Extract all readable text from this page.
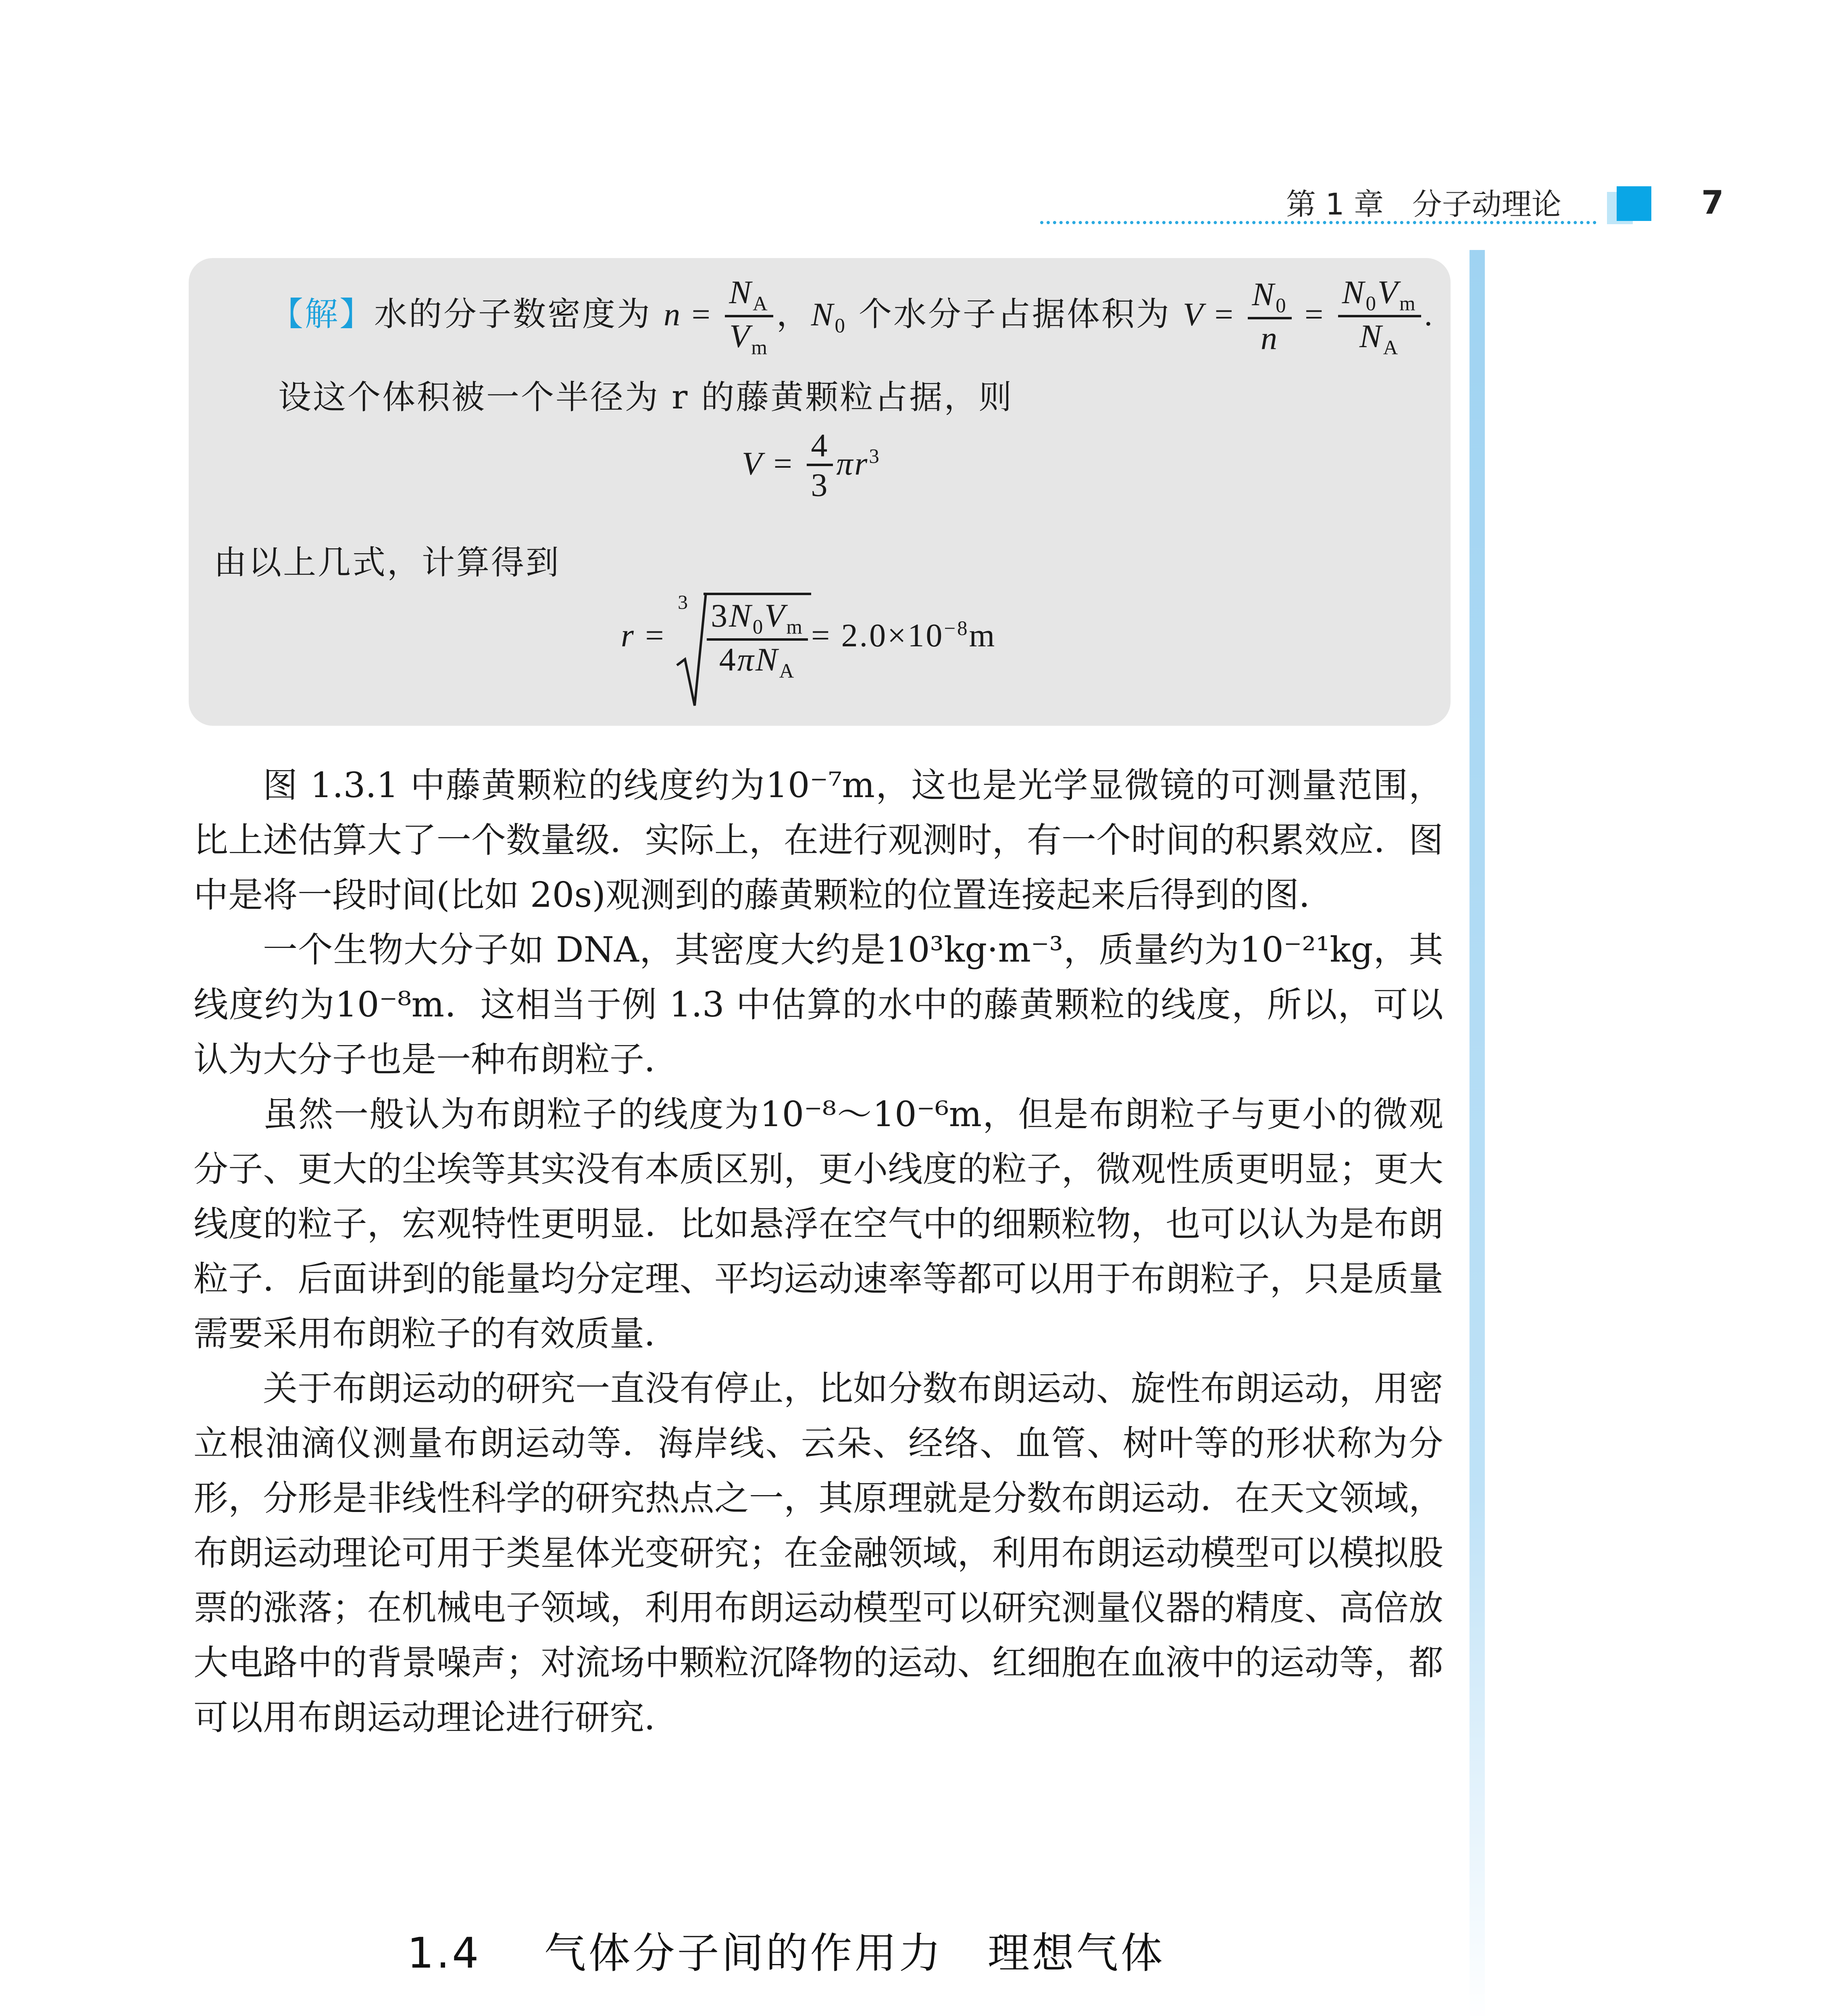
第 1 章 分子动理论	7
【解】水的分子数密度为 $n = \frac{N_A}{V_m}$ ，$N_0$ 个水分子占据体积为 $V = \frac{N_0}{n} = \frac{N_0V_m}{N_A}$ .
设这个体积被一个半径为 r 的藤黄颗粒占据，则
$V = \frac{4}{3} \pi r^3$
由以上几式，计算得到
r =
$3 \frac{3N_0V_m}{4\pi N_A} = 2.0\times 10^{-8}m$

图 1.3.1 中藤黄颗粒的线度约为10⁻⁷m，这也是光学显微镜的可测量范围，比上述估算大了一个数量级．实际上，在进行观测时，有一个时间的积累效应．图中是将一段时间(比如 20s)观测到的藤黄颗粒的位置连接起来后得到的图．

一个生物大分子如 DNA，其密度大约是10³kg·m⁻³，质量约为10⁻²¹kg，其线度约为10⁻⁸m．这相当于例 1.3 中估算的水中的藤黄颗粒的线度，所以，可以认为大分子也是一种布朗粒子．

虽然一般认为布朗粒子的线度为10⁻⁸～10⁻⁶m，但是布朗粒子与更小的微观分子、更大的尘埃等其实没有本质区别，更小线度的粒子，微观性质更明显；更大线度的粒子，宏观特性更明显．比如悬浮在空气中的细颗粒物，也可以认为是布朗粒子．后面讲到的能量均分定理、平均运动速率等都可以用于布朗粒子，只是质量需要采用布朗粒子的有效质量．

关于布朗运动的研究一直没有停止，比如分数布朗运动、旋性布朗运动，用密立根油滴仪测量布朗运动等．海岸线、云朵、经络、血管、树叶等的形状称为分形，分形是非线性科学的研究热点之一，其原理就是分数布朗运动．在天文领域，布朗运动理论可用于类星体光变研究；在金融领域，利用布朗运动模型可以模拟股票的涨落；在机械电子领域，利用布朗运动模型可以研究测量仪器的精度、高倍放大电路中的背景噪声；对流场中颗粒沉降物的运动、红细胞在血液中的运动等，都可以用布朗运动理论进行研究．

1.4 气体分子间的作用力　理想气体
